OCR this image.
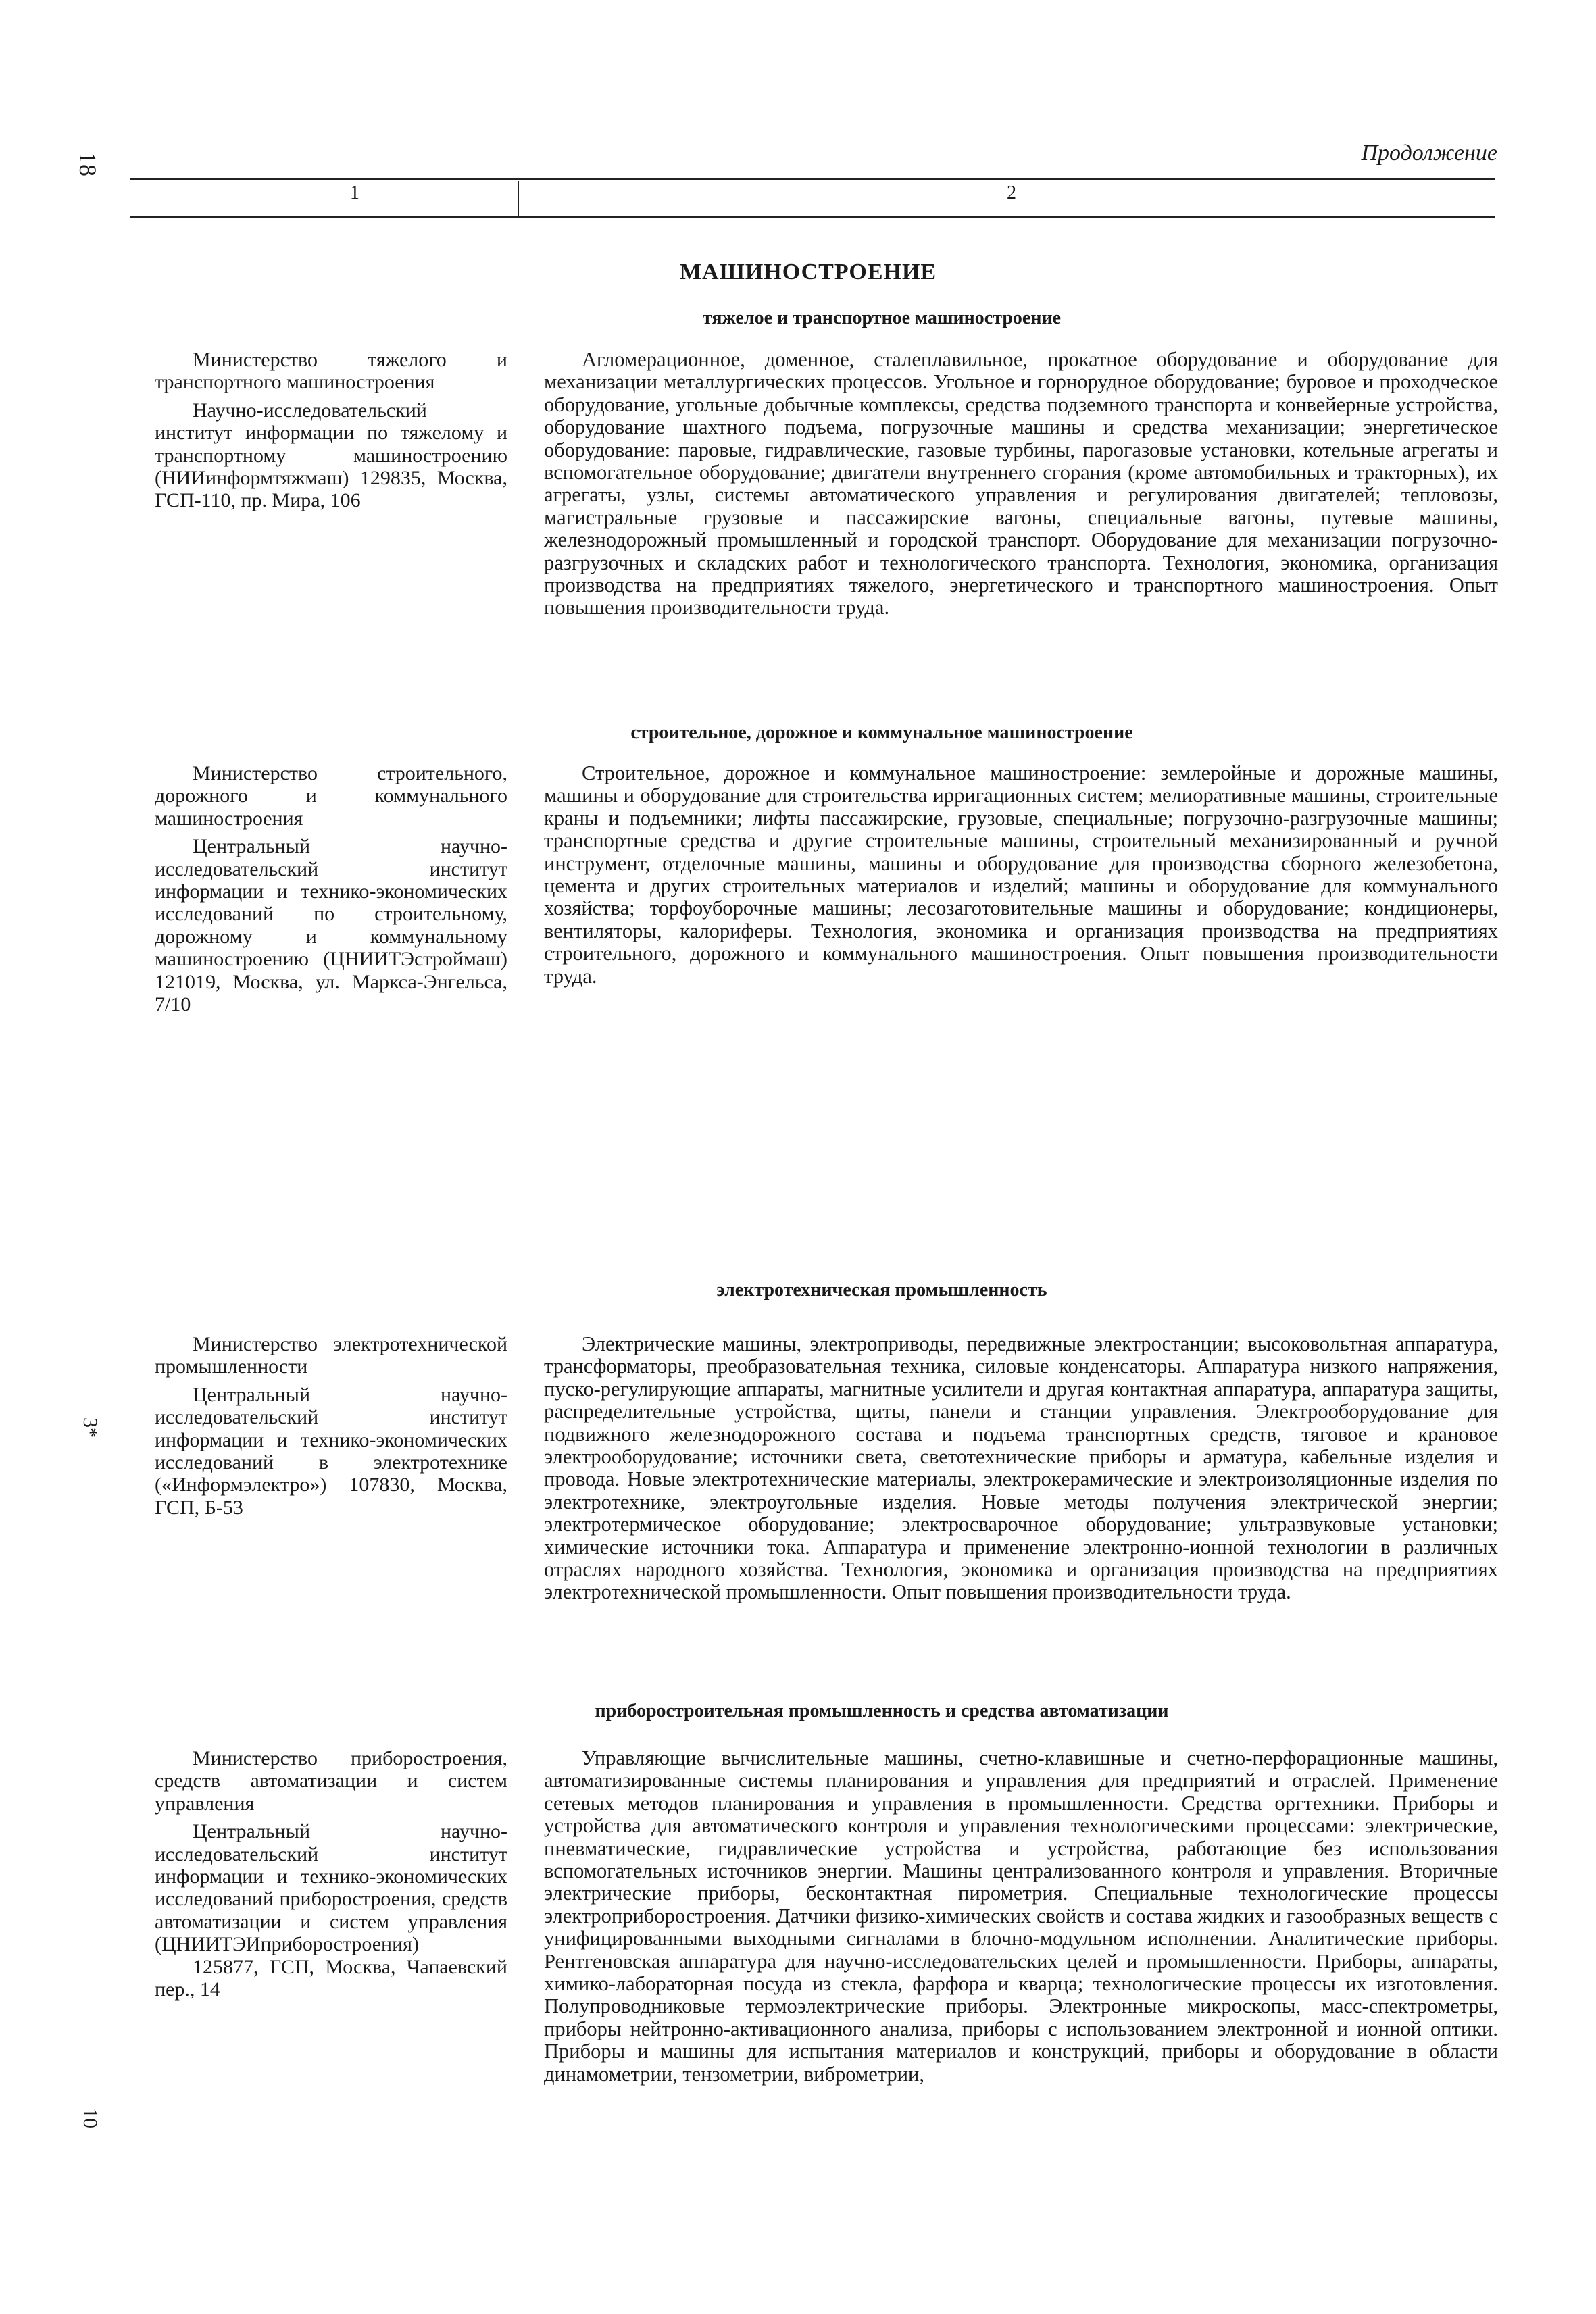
18	Продолжение
1	2
МАШИНОСТРОЕНИЕ
тяжелое и транспортное машиностроение

Министерство тяжелого и транспортного машиностроения

Научно-исследовательский институт информации по тяжелому и транспортному машиностроению (НИИинформтяжмаш) 129835, Москва, ГСП-110, пр. Мира, 106

Агломерационное, доменное, сталеплавильное, прокатное оборудование и оборудование для механизации металлургических процессов. Угольное и горнорудное оборудование; буровое и проходческое оборудование, угольные добычные комплексы, средства подземного транспорта и конвейерные устройства, оборудование шахтного подъема, погрузочные машины и средства механизации; энергетическое оборудование: паровые, гидравлические, газовые турбины, парогазовые установки, котельные агрегаты и вспомогательное оборудование; двигатели внутреннего сгорания (кроме автомобильных и тракторных), их агрегаты, узлы, системы автоматического управления и регулирования двигателей; тепловозы, магистральные грузовые и пассажирские вагоны, специальные вагоны, путевые машины, железнодорожный промышленный и городской транспорт. Оборудование для механизации погрузочно-разгрузочных и складских работ и технологического транспорта. Технология, экономика, организация производства на предприятиях тяжелого, энергетического и транспортного машиностроения. Опыт повышения производительности труда.

строительное, дорожное и коммунальное машиностроение

Министерство строительного, дорожного и коммунального машиностроения

Центральный научно-исследовательский институт информации и технико-экономических исследований по строительному, дорожному и коммунальному машиностроению (ЦНИИТЭстроймаш) 121019, Москва, ул. Маркса-Энгельса, 7/10

Строительное, дорожное и коммунальное машиностроение: землеройные и дорожные машины, машины и оборудование для строительства ирригационных систем; мелиоративные машины, строительные краны и подъемники; лифты пассажирские, грузовые, специальные; погрузочно-разгрузочные машины; транспортные средства и другие строительные машины, строительный механизированный и ручной инструмент, отделочные машины, машины и оборудование для производства сборного железобетона, цемента и других строительных материалов и изделий; машины и оборудование для коммунального хозяйства; торфоуборочные машины; лесозаготовительные машины и оборудование; кондиционеры, вентиляторы, калориферы. Технология, экономика и организация производства на предприятиях строительного, дорожного и коммунального машиностроения. Опыт повышения производительности труда.

электротехническая промышленность

Министерство электротехнической промышленности

Центральный научно-исследовательский институт информации и технико-экономических исследований в электротехнике («Информэлектро») 107830, Москва, ГСП, Б-53

Электрические машины, электроприводы, передвижные электростанции; высоковольтная аппаратура, трансформаторы, преобразовательная техника, силовые конденсаторы. Аппаратура низкого напряжения, пуско-регулирующие аппараты, магнитные усилители и другая контактная аппаратура, аппаратура защиты, распределительные устройства, щиты, панели и станции управления. Электрооборудование для подвижного железнодорожного состава и подъема транспортных средств, тяговое и крановое электрооборудование; источники света, светотехнические приборы и арматура, кабельные изделия и провода. Новые электротехнические материалы, электрокерамические и электроизоляционные изделия по электротехнике, электроугольные изделия. Новые методы получения электрической энергии; электротермическое оборудование; электросварочное оборудование; ультразвуковые установки; химические источники тока. Аппаратура и применение электронно-ионной технологии в различных отраслях народного хозяйства. Технология, экономика и организация производства на предприятиях электротехнической промышленности. Опыт повышения производительности труда.

3*
приборостроительная промышленность и средства автоматизации

Министерство приборостроения, средств автоматизации и систем управления

Центральный научно-исследовательский институт информации и технико-экономических исследований приборостроения, средств автоматизации и систем управления (ЦНИИТЭИприборостроения)

125877, ГСП, Москва, Чапаевский пер., 14

Управляющие вычислительные машины, счетно-клавишные и счетно-перфорационные машины, автоматизированные системы планирования и управления для предприятий и отраслей. Применение сетевых методов планирования и управления в промышленности. Средства оргтехники. Приборы и устройства для автоматического контроля и управления технологическими процессами: электрические, пневматические, гидравлические устройства и устройства, работающие без использования вспомогательных источников энергии. Машины централизованного контроля и управления. Вторичные электрические приборы, бесконтактная пирометрия. Специальные технологические процессы электроприборостроения. Датчики физико-химических свойств и состава жидких и газообразных веществ с унифицированными выходными сигналами в блочно-модульном исполнении. Аналитические приборы. Рентгеновская аппаратура для научно-исследовательских целей и промышленности. Приборы, аппараты, химико-лабораторная посуда из стекла, фарфора и кварца; технологические процессы их изготовления. Полупроводниковые термоэлектрические приборы. Электронные микроскопы, масс-спектрометры, приборы нейтронно-активационного анализа, приборы с использованием электронной и ионной оптики. Приборы и машины для испытания материалов и конструкций, приборы и оборудование в области динамометрии, тензометрии, виброметрии,

10
